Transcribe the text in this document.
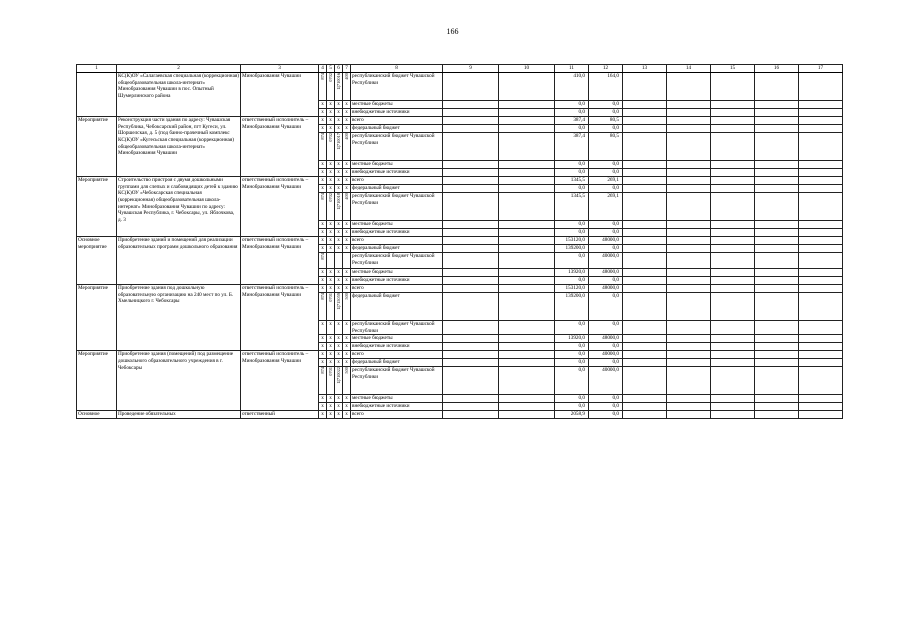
166
1	2	3	4	5	6	7	8	9	10	11	12	13	14	15	16	17
	КС(К)ОУ «Салагаевская специальная (коррекционная) общеобразовательная школа-интернат» Минобразования Чувашии в пос. Опытный Шумерлинского района	Минобразования Чувашии	874	0702	Ц710016	400	республиканский бюджет Чувашской Республики			410,0	164,0					
			x	x	x	x	местные бюджеты			0,0	0,0					
			x	x	x	x	внебюджетные источники			0,0	0,0					
Мероприятие	Реконструкция части здания по адресу: Чувашская Республика, Чебоксарский район, пгт Кугеси, ул. Шоршелская, д. 5 (под банно-прачечный комплекс КС(К)ОУ «Кугесьская специальная (коррекционная) общеобразовательная школа-интернат» Минобразования Чувашии	ответственный исполнитель – Минобразования Чувашии	x	x	x	x	всего			387,4	80,5					
			x	x	x	x	федеральный бюджет			0,0	0,0					
			874	0702	Ц710017	400	республиканский бюджет Чувашской Республики			387,4	80,5					
			x	x	x	x	местные бюджеты			0,0	0,0					
			x	x	x	x	внебюджетные источники			0,0	0,0					
Мероприятие	Строительство пристроя с двумя дошкольными группами для слепых и слабовидящих детей к зданию КС(К)ОУ «Чебоксарская специальная (коррекционная) общеобразовательная школа-интернат» Минобразования Чувашии по адресу: Чувашская Республика, г. Чебоксары, ул. Яблочкова, д. 3	ответственный исполнитель – Минобразования Чувашии	x	x	x	x	всего			1345,5	269,1					
			x	x	x	x	федеральный бюджет			0,0	0,0					
			874	0702	Ц710018	400	республиканский бюджет Чувашской Республики			1345,5	269,1					
			x	x	x	x	местные бюджеты			0,0	0,0					
			x	x	x	x	внебюджетные источники			0,0	0,0					
Основное мероприятие	Приобретение зданий и помещений для реализации образовательных программ дошкольного образования	ответственный исполнитель – Минобразования Чувашии	x	x	x	x	всего			153120,0	48000,0					
			x	x	x	x	федеральный бюджет			139200,0	0,0					
			874				республиканский бюджет Чувашской Республики			0,0	40000,0					
			x	x	x	x	местные бюджеты			13920,0	48000,0					
			x	x	x	x	внебюджетные источники			0,0	0,0					
Мероприятие	Приобретение здания под дошкольную образовательную организацию на 240 мест по ул. Б. Хмельницкого г. Чебоксары	ответственный исполнитель – Минобразования Чувашии	x	x	x	x	всего			153120,0	48000,0					
			874	0701	Ц715059	500	федеральный бюджет			139200,0	0,0					
			x	x	x	x	республиканский бюджет Чувашской Республики			0,0	0,0					
			x	x	x	x	местные бюджеты			13920,0	48000,0					
			x	x	x	x	внебюджетные источники			0,0	0,0					
Мероприятие	Приобретение здания (помещений) под размещение дошкольного образовательного учреждения в г. Чебоксары	ответственный исполнитель – Минобразования Чувашии	x	x	x	x	всего			0,0	40000,0					
			x	x	x	x	федеральный бюджет			0,0	0,0					
			874	0701	Ц710022	500	республиканский бюджет Чувашской Республики			0,0	40000,0					
			x	x	x	x	местные бюджеты			0,0	0,0					
			x	x	x	x	внебюджетные источники			0,0	0,0					
Основное	Проведение обязательных	ответственный	x	x	x	x	всего			2058,9	0,0					
